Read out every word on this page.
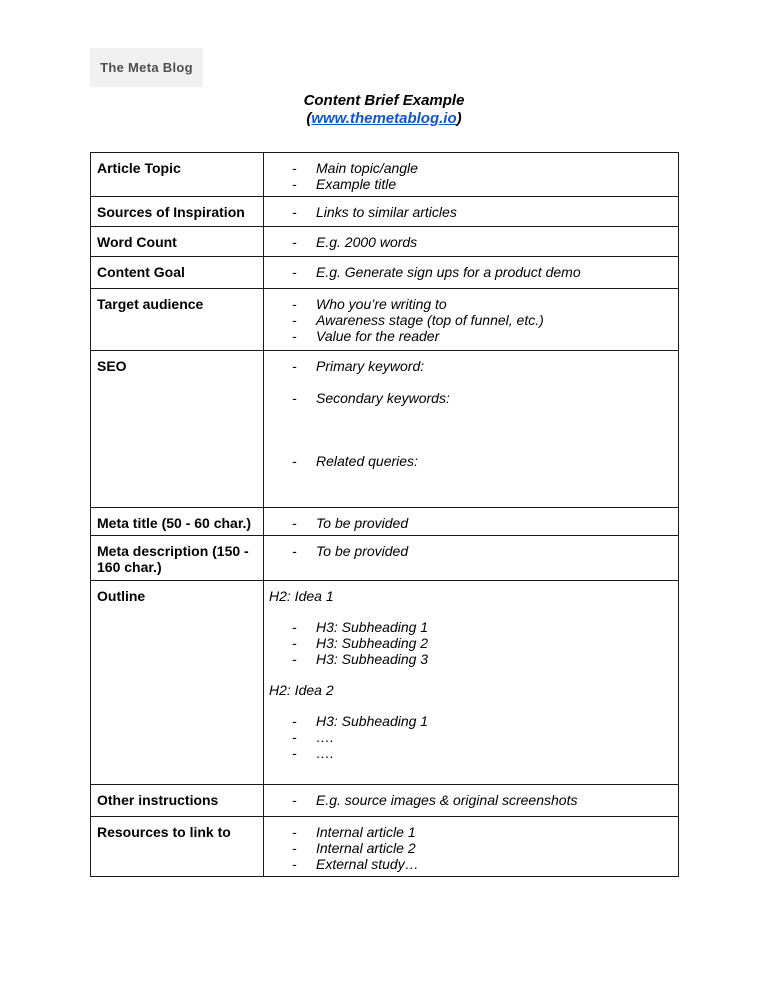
The Meta Blog
Content Brief Example
(www.themetablog.io)
Article Topic	- Main topic/angle
- Example title

Sources of Inspiration	- Links to similar articles

Word Count	- E.g. 2000 words

Content Goal	- E.g. Generate sign ups for a product demo

Target audience	-	Who you’re writing to
-	Awareness stage (top of funnel, etc.)
-	Value for the reader

SEO	-	Primary keyword:
-	Secondary keywords:
-	Related queries:

Meta title (50 - 60 char.)	- To be provided

Meta description (150 - 160 char.)	- To be provided

Outline	H2: Idea 1
-	H3: Subheading 1
-	H3: Subheading 2
-	H3: Subheading 3
H2: Idea 2
-	H3: Subheading 1
-	….
-	….

Other instructions	- E.g. source images & original screenshots

Resources to link to	-	Internal article 1
-	Internal article 2
-	External study…
